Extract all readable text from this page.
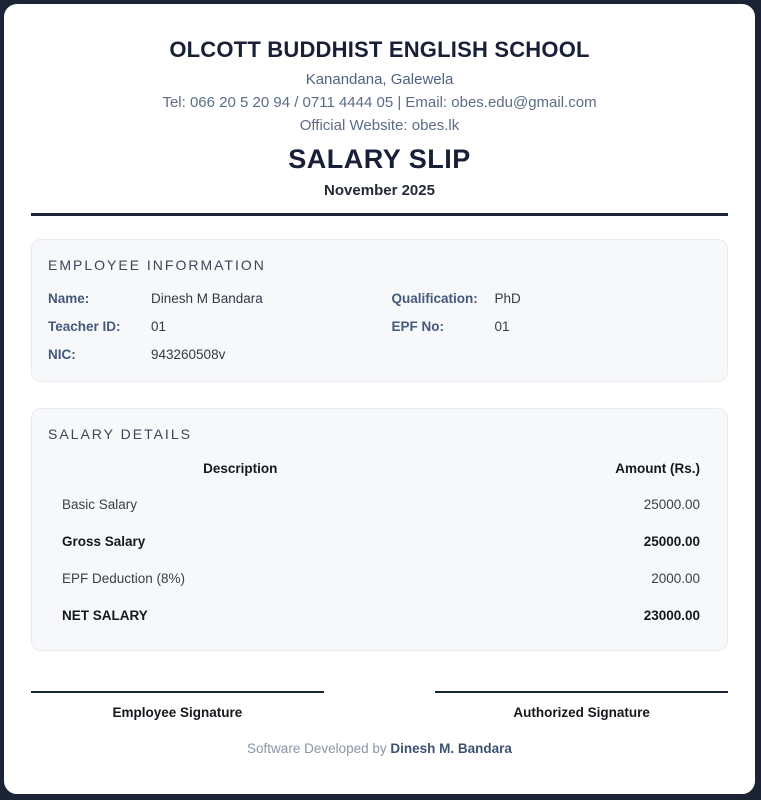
OLCOTT BUDDHIST ENGLISH SCHOOL
Kanandana, Galewela
Tel: 066 20 5 20 94 / 0711 4444 05 | Email: obes.edu@gmail.com
Official Website: obes.lk
SALARY SLIP
November 2025
EMPLOYEE INFORMATION
Name:	Dinesh M Bandara
Teacher ID:	01
NIC:	943260508v
Qualification:	PhD
EPF No:	01
SALARY DETAILS
Description	Amount (Rs.)
Basic Salary	25000.00
Gross Salary	25000.00
EPF Deduction (8%)	2000.00
NET SALARY	23000.00
Employee Signature	Authorized Signature
Software Developed by Dinesh M. Bandara
